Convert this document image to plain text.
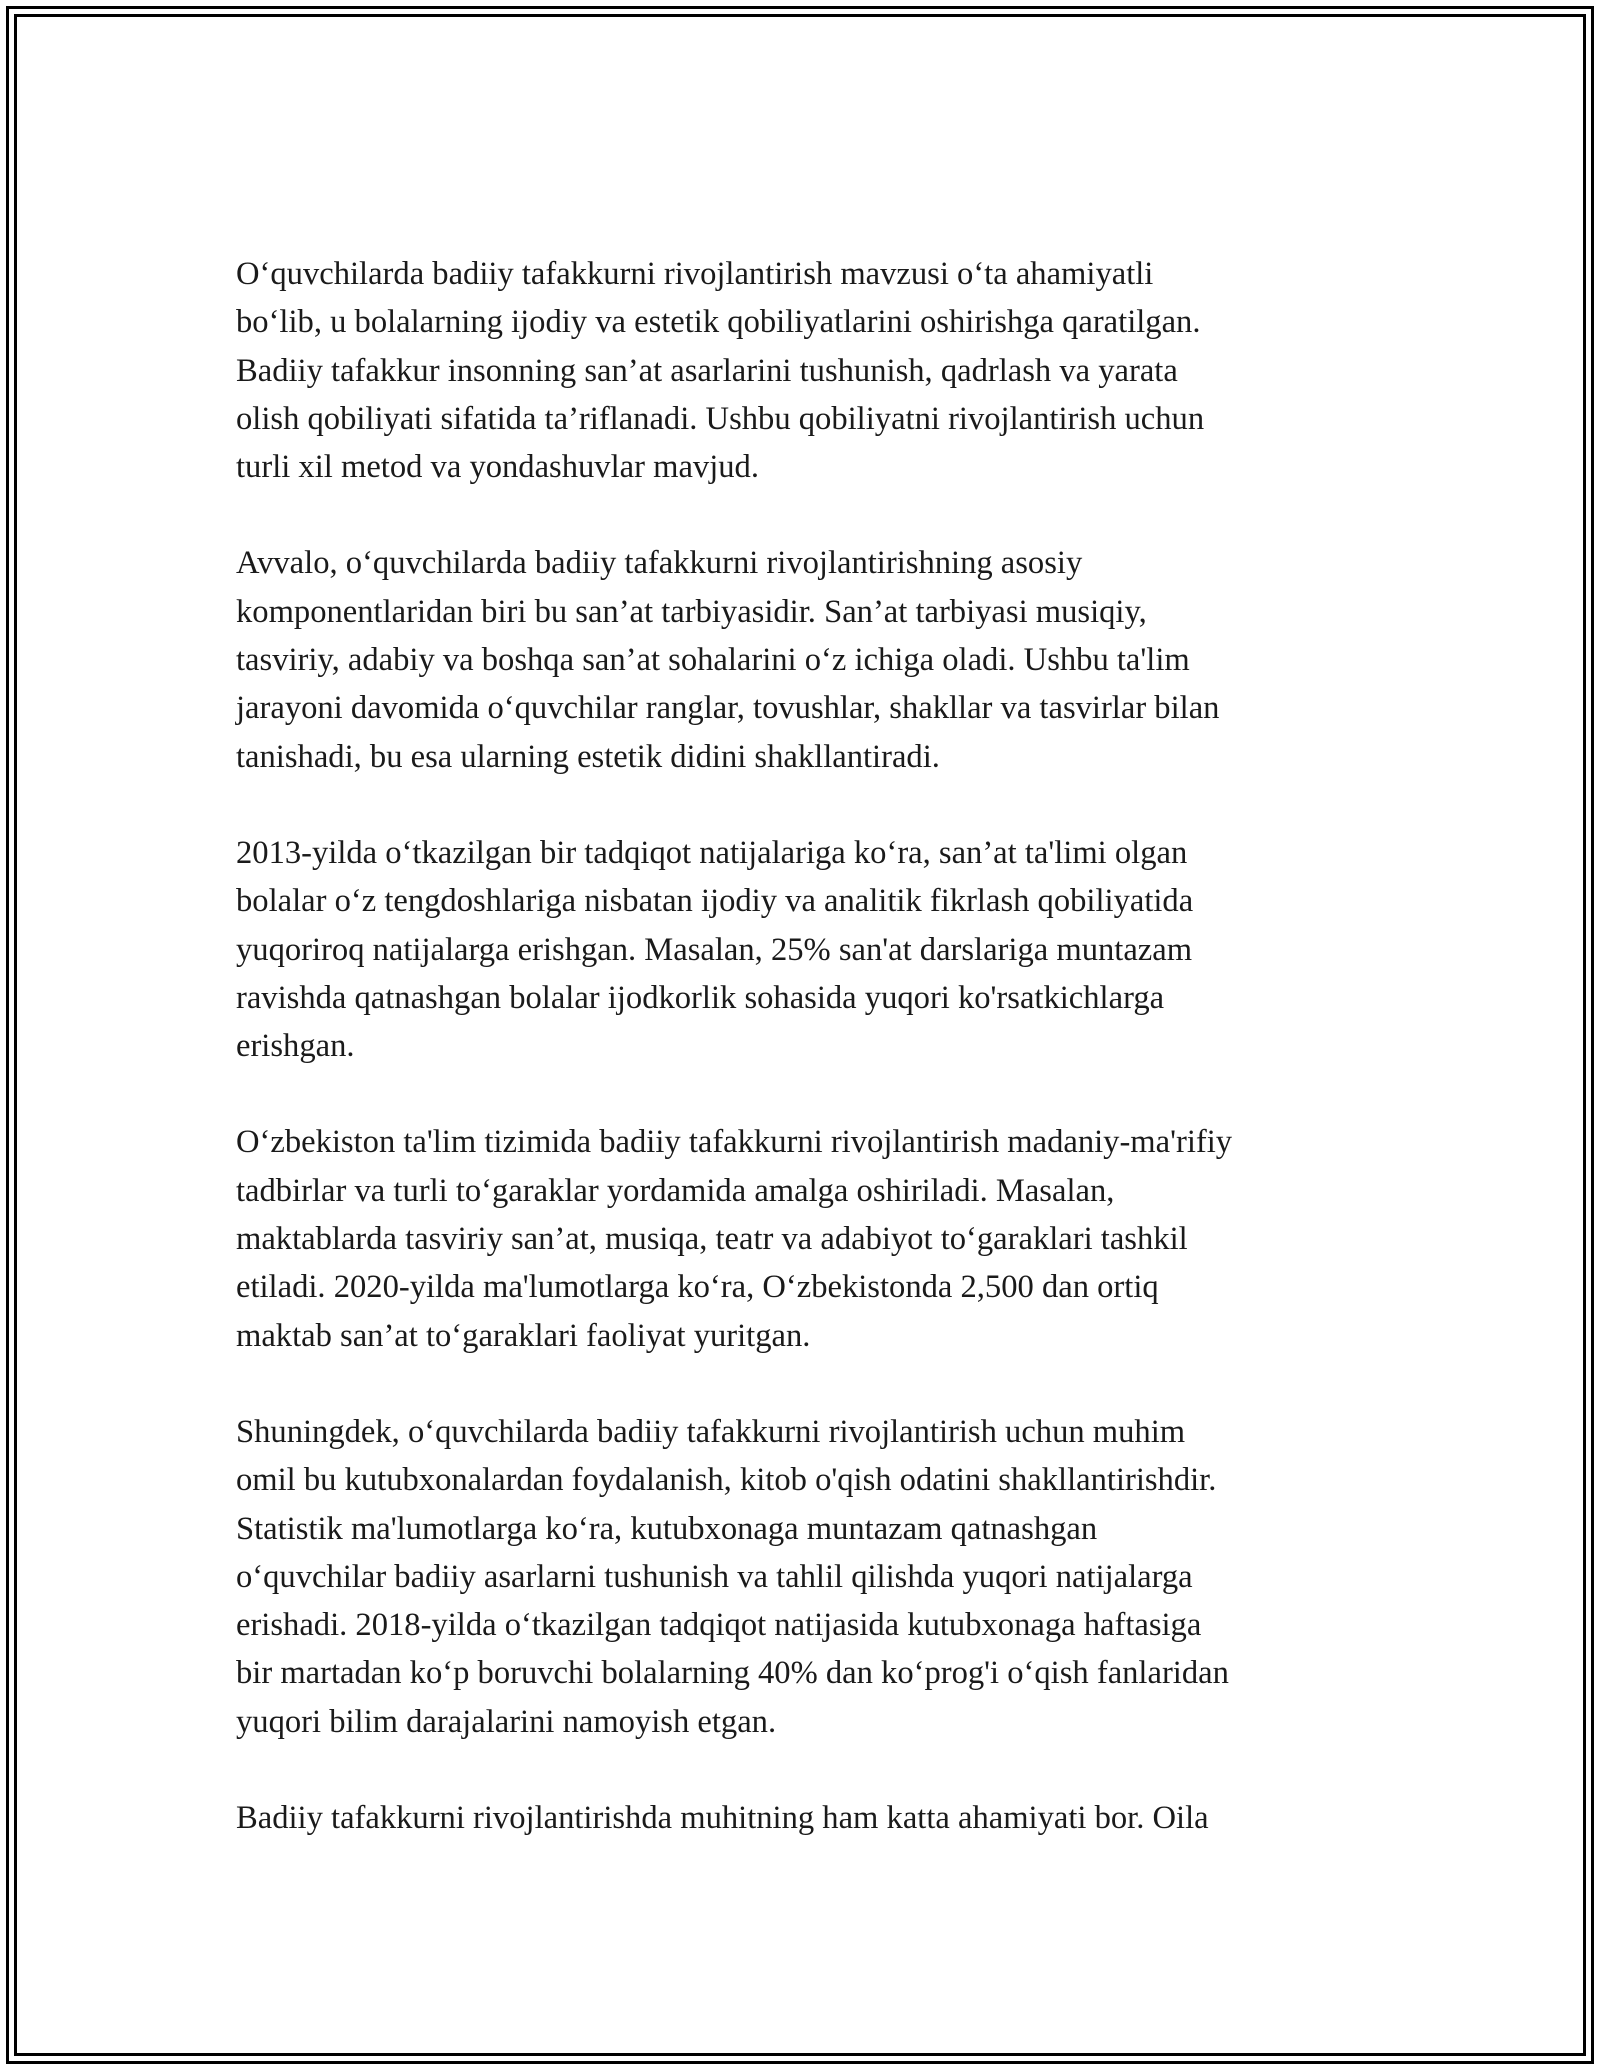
O‘quvchilarda badiiy tafakkurni rivojlantirish mavzusi o‘ta ahamiyatli
bo‘lib, u bolalarning ijodiy va estetik qobiliyatlarini oshirishga qaratilgan.
Badiiy tafakkur insonning san’at asarlarini tushunish, qadrlash va yarata
olish qobiliyati sifatida ta’riflanadi. Ushbu qobiliyatni rivojlantirish uchun
turli xil metod va yondashuvlar mavjud.

Avvalo, o‘quvchilarda badiiy tafakkurni rivojlantirishning asosiy
komponentlaridan biri bu san’at tarbiyasidir. San’at tarbiyasi musiqiy,
tasviriy, adabiy va boshqa san’at sohalarini o‘z ichiga oladi. Ushbu ta'lim
jarayoni davomida o‘quvchilar ranglar, tovushlar, shakllar va tasvirlar bilan
tanishadi, bu esa ularning estetik didini shakllantiradi.

2013-yilda o‘tkazilgan bir tadqiqot natijalariga ko‘ra, san’at ta'limi olgan
bolalar o‘z tengdoshlariga nisbatan ijodiy va analitik fikrlash qobiliyatida
yuqoriroq natijalarga erishgan. Masalan, 25% san'at darslariga muntazam
ravishda qatnashgan bolalar ijodkorlik sohasida yuqori ko'rsatkichlarga
erishgan.

O‘zbekiston ta'lim tizimida badiiy tafakkurni rivojlantirish madaniy-ma'rifiy
tadbirlar va turli to‘garaklar yordamida amalga oshiriladi. Masalan,
maktablarda tasviriy san’at, musiqa, teatr va adabiyot to‘garaklari tashkil
etiladi. 2020-yilda ma'lumotlarga ko‘ra, O‘zbekistonda 2,500 dan ortiq
maktab san’at to‘garaklari faoliyat yuritgan.

Shuningdek, o‘quvchilarda badiiy tafakkurni rivojlantirish uchun muhim
omil bu kutubxonalardan foydalanish, kitob o'qish odatini shakllantirishdir.
Statistik ma'lumotlarga ko‘ra, kutubxonaga muntazam qatnashgan
o‘quvchilar badiiy asarlarni tushunish va tahlil qilishda yuqori natijalarga
erishadi. 2018-yilda o‘tkazilgan tadqiqot natijasida kutubxonaga haftasiga
bir martadan ko‘p boruvchi bolalarning 40% dan ko‘prog'i o‘qish fanlaridan
yuqori bilim darajalarini namoyish etgan.

Badiiy tafakkurni rivojlantirishda muhitning ham katta ahamiyati bor. Oila
